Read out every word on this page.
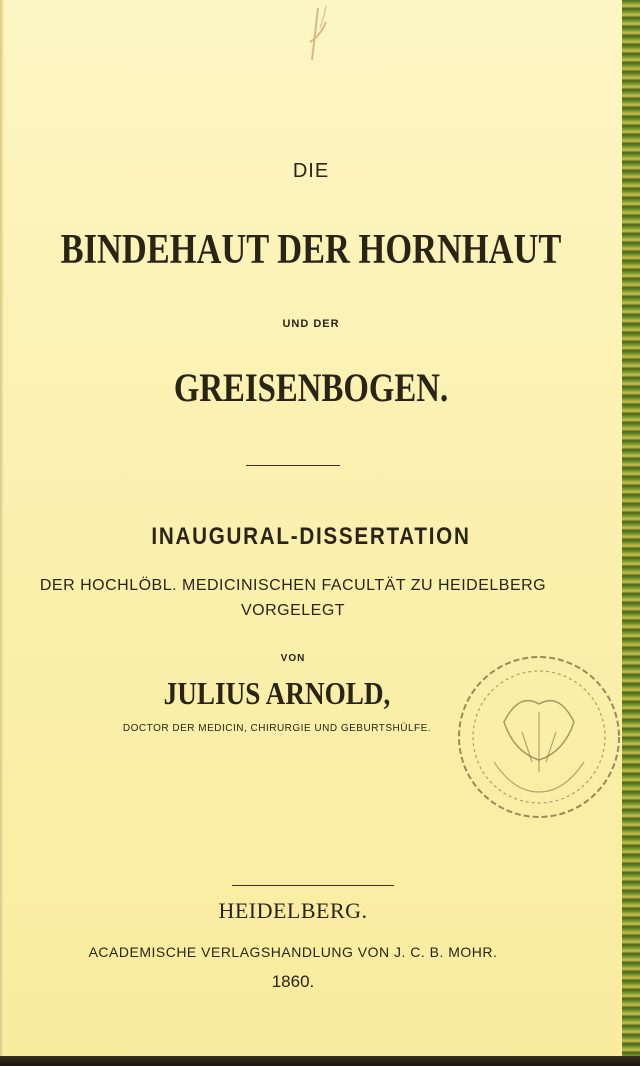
DIE
BINDEHAUT DER HORNHAUT
UND DER
GREISENBOGEN.
INAUGURAL-DISSERTATION
DER HOCHLÖBL. MEDICINISCHEN FACULTÄT ZU HEIDELBERG
VORGELEGT
VON
JULIUS ARNOLD,
DOCTOR DER MEDICIN, CHIRURGIE UND GEBURTSHÜLFE.
HEIDELBERG.
ACADEMISCHE VERLAGSHANDLUNG VON J. C. B. MOHR.
1860.
